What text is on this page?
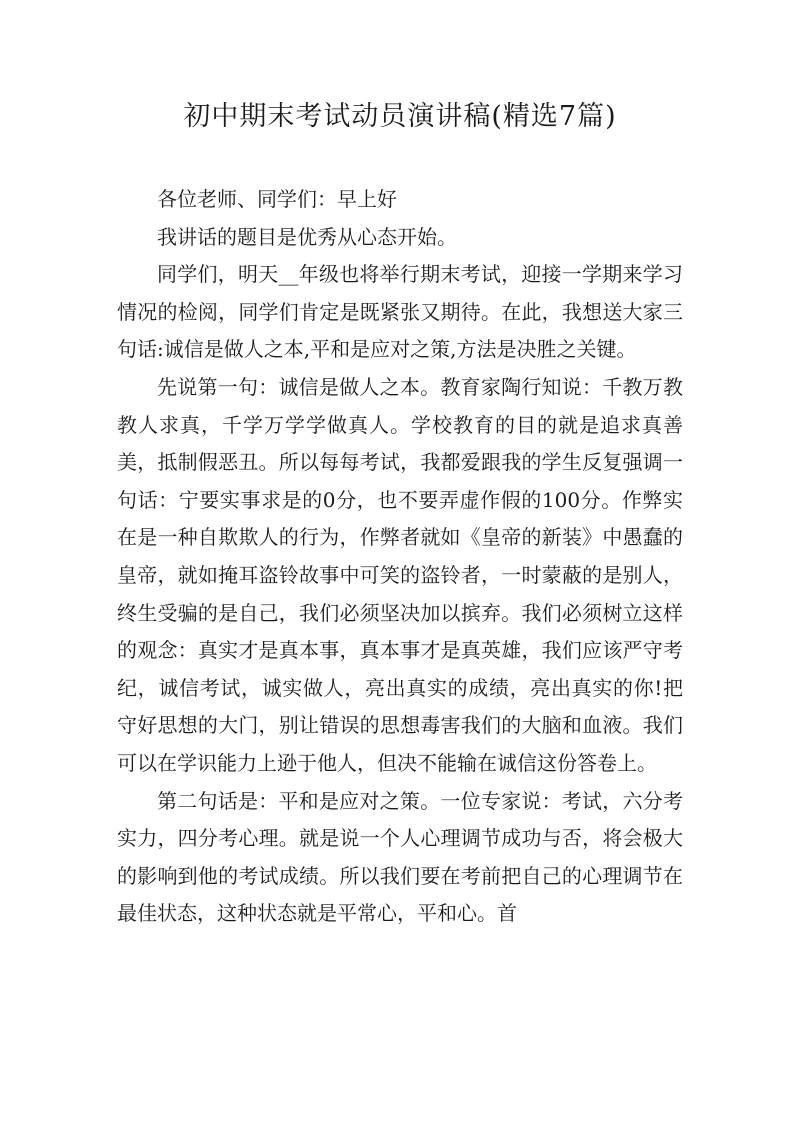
初中期末考试动员演讲稿(精选7篇)

各位老师、同学们：早上好

我讲话的题目是优秀从心态开始。

同学们，明天__年级也将举行期末考试，迎接一学期来学习情况的检阅，同学们肯定是既紧张又期待。在此，我想送大家三句话:诚信是做人之本,平和是应对之策,方法是决胜之关键。

先说第一句：诚信是做人之本。教育家陶行知说：千教万教教人求真，千学万学学做真人。学校教育的目的就是追求真善美，抵制假恶丑。所以每每考试，我都爱跟我的学生反复强调一句话：宁要实事求是的0分，也不要弄虚作假的100分。作弊实在是一种自欺欺人的行为，作弊者就如《皇帝的新装》中愚蠢的皇帝，就如掩耳盗铃故事中可笑的盗铃者，一时蒙蔽的是别人，终生受骗的是自己，我们必须坚决加以摈弃。我们必须树立这样的观念：真实才是真本事，真本事才是真英雄，我们应该严守考纪，诚信考试，诚实做人，亮出真实的成绩，亮出真实的你!把守好思想的大门，别让错误的思想毒害我们的大脑和血液。我们可以在学识能力上逊于他人，但决不能输在诚信这份答卷上。

第二句话是：平和是应对之策。一位专家说：考试，六分考实力，四分考心理。就是说一个人心理调节成功与否，将会极大的影响到他的考试成绩。所以我们要在考前把自己的心理调节在最佳状态，这种状态就是平常心，平和心。首
